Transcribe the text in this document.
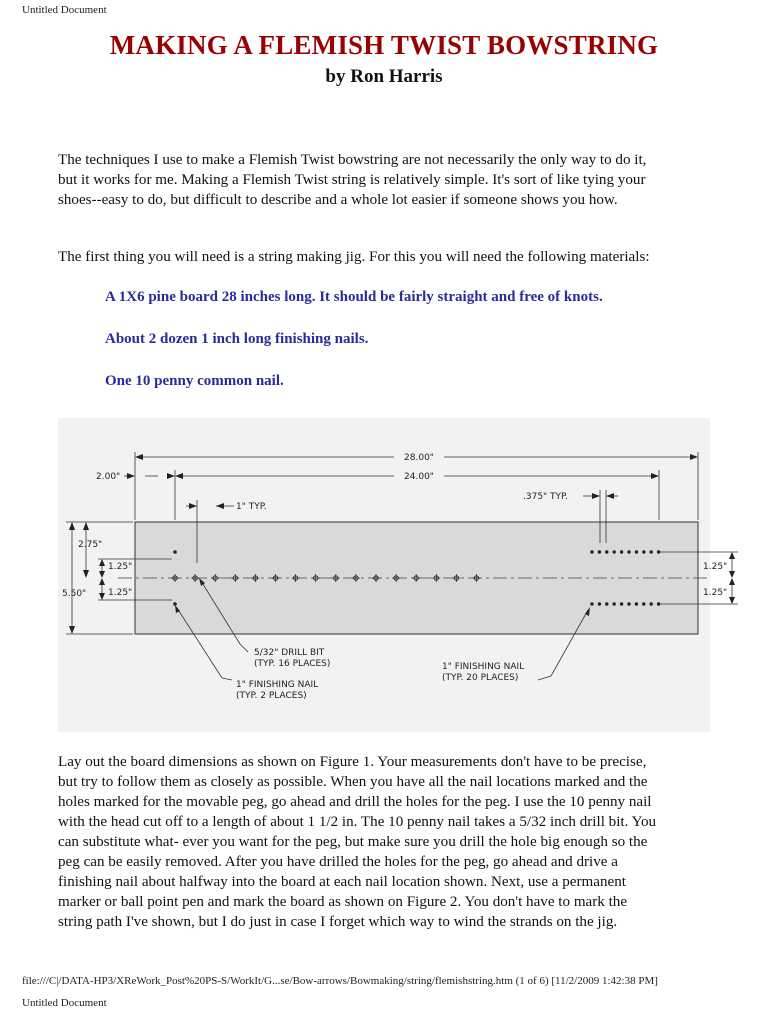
Untitled Document
MAKING A FLEMISH TWIST BOWSTRING
by Ron Harris
The techniques I use to make a Flemish Twist bowstring are not necessarily the only way to do it,
but it works for me. Making a Flemish Twist string is relatively simple. It's sort of like tying your
shoes--easy to do, but difficult to describe and a whole lot easier if someone shows you how.
The first thing you will need is a string making jig. For this you will need the following materials:
A 1X6 pine board 28 inches long. It should be fairly straight and free of knots.
About 2 dozen 1 inch long finishing nails.
One 10 penny common nail.
28.00"
24.00"
2.00"
1" TYP.
.375" TYP.
5.50"
2.75"
1.25"
1.25"
1.25"
1.25"
5/32" DRILL BIT
(TYP. 16 PLACES)
1" FINISHING NAIL
(TYP. 2 PLACES)
1" FINISHING NAIL
(TYP. 20 PLACES)
Lay out the board dimensions as shown on Figure 1. Your measurements don't have to be precise,
but try to follow them as closely as possible. When you have all the nail locations marked and the
holes marked for the movable peg, go ahead and drill the holes for the peg. I use the 10 penny nail
with the head cut off to a length of about 1 1/2 in. The 10 penny nail takes a 5/32 inch drill bit. You
can substitute what- ever you want for the peg, but make sure you drill the hole big enough so the
peg can be easily removed. After you have drilled the holes for the peg, go ahead and drive a
finishing nail about halfway into the board at each nail location shown. Next, use a permanent
marker or ball point pen and mark the board as shown on Figure 2. You don't have to mark the
string path I've shown, but I do just in case I forget which way to wind the strands on the jig.
file:///C|/DATA-HP3/XReWork_Post%20PS-S/WorkIt/G...se/Bow-arrows/Bowmaking/string/flemishstring.htm (1 of 6) [11/2/2009 1:42:38 PM]
Untitled Document
